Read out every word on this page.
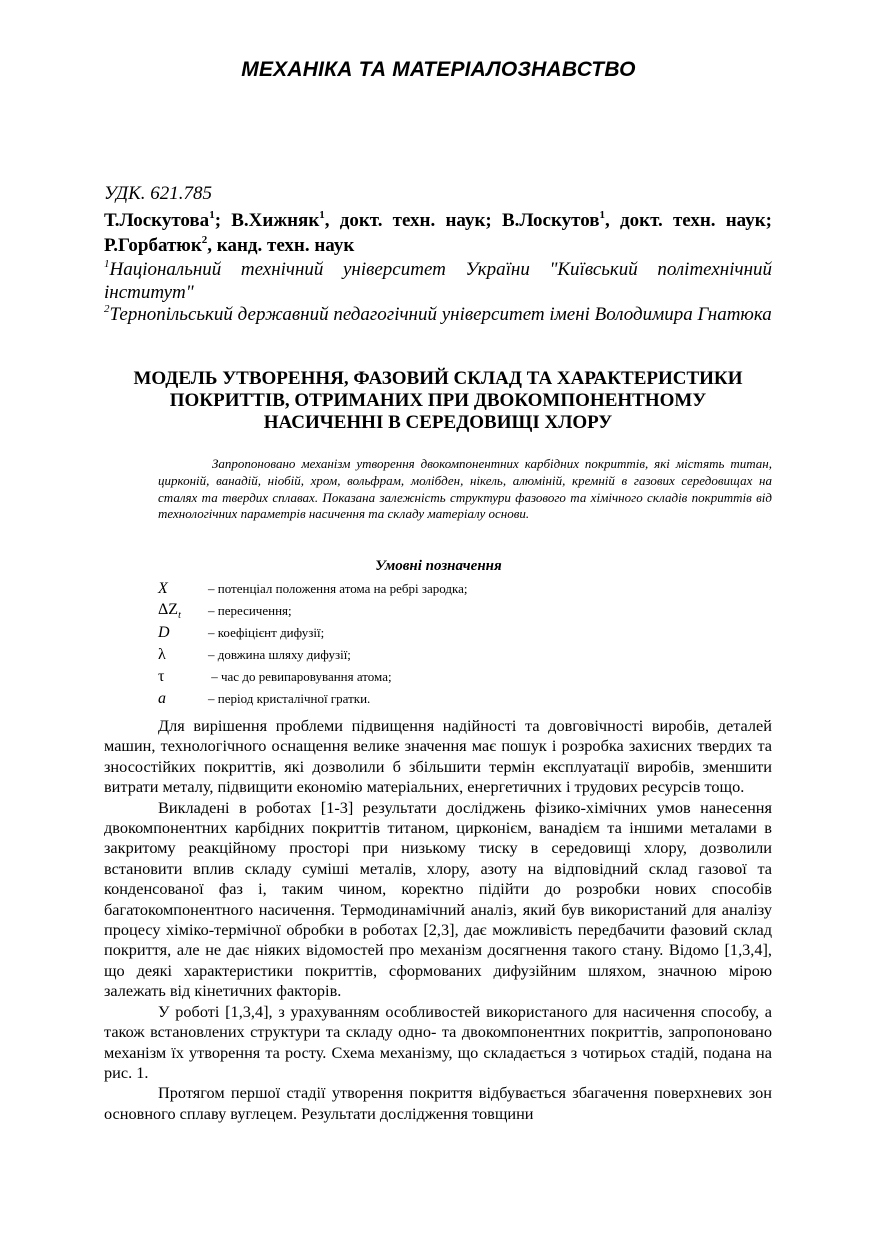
МЕХАНІКА ТА МАТЕРІАЛОЗНАВСТВО
УДК. 621.785
Т.Лоскутова$^1$; В.Хижняк$^1$, докт. техн. наук; В.Лоскутов$^1$, докт. техн. наук; Р.Горбатюк$^2$, канд. техн. наук
$^1$Національний технічний університет України "Київський політехнічний інститут"
$^2$Тернопільський державний педагогічний університет імені Володимира Гнатюка
МОДЕЛЬ УТВОРЕННЯ, ФАЗОВИЙ СКЛАД ТА ХАРАКТЕРИСТИКИ
ПОКРИТТІВ, ОТРИМАНИХ ПРИ ДВОКОМПОНЕНТНОМУ
НАСИЧЕННІ В СЕРЕДОВИЩІ ХЛОРУ

Запропоновано механізм утворення двокомпонентних карбідних покриттів, які містять титан, цирконій, ванадій, ніобій, хром, вольфрам, молібден, нікель, алюміній, кремній в газових середовищах на сталях та твердих сплавах. Показана залежність структури фазового та хімічного складів покриттів від технологічних параметрів насичення та складу матеріалу основи.

Умовні позначення
X	– потенціал положення атома на ребрі зародка;
$\Delta Z_t$	– пересичення;
D	– коефіцієнт дифузії;
λ	– довжина шляху дифузії;
τ	– час до ревипаровування атома;
a	– період кристалічної гратки.

Для вирішення проблеми підвищення надійності та довговічності виробів, деталей машин, технологічного оснащення велике значення має пошук і розробка захисних твердих та зносостійких покриттів, які дозволили б збільшити термін експлуатації виробів, зменшити витрати металу, підвищити економію матеріальних, енергетичних і трудових ресурсів тощо.

Викладені в роботах [1-3] результати досліджень фізико-хімічних умов нанесення двокомпонентних карбідних покриттів титаном, цирконієм, ванадієм та іншими металами в закритому реакційному просторі при низькому тиску в середовищі хлору, дозволили встановити вплив складу суміші металів, хлору, азоту на відповідний склад газової та конденсованої фаз і, таким чином, коректно підійти до розробки нових способів багатокомпонентного насичення. Термодинамічний аналіз, який був використаний для аналізу процесу хіміко-термічної обробки в роботах [2,3], дає можливість передбачити фазовий склад покриття, але не дає ніяких відомостей про механізм досягнення такого стану. Відомо [1,3,4], що деякі характеристики покриттів, сформованих дифузійним шляхом, значною мірою залежать від кінетичних факторів.

У роботі [1,3,4], з урахуванням особливостей використаного для насичення способу, а також встановлених структури та складу одно- та двокомпонентних покриттів, запропоновано механізм їх утворення та росту. Схема механізму, що складається з чотирьох стадій, подана на рис. 1.

Протягом першої стадії утворення покриття відбувається збагачення поверхневих зон основного сплаву вуглецем. Результати дослідження товщини
